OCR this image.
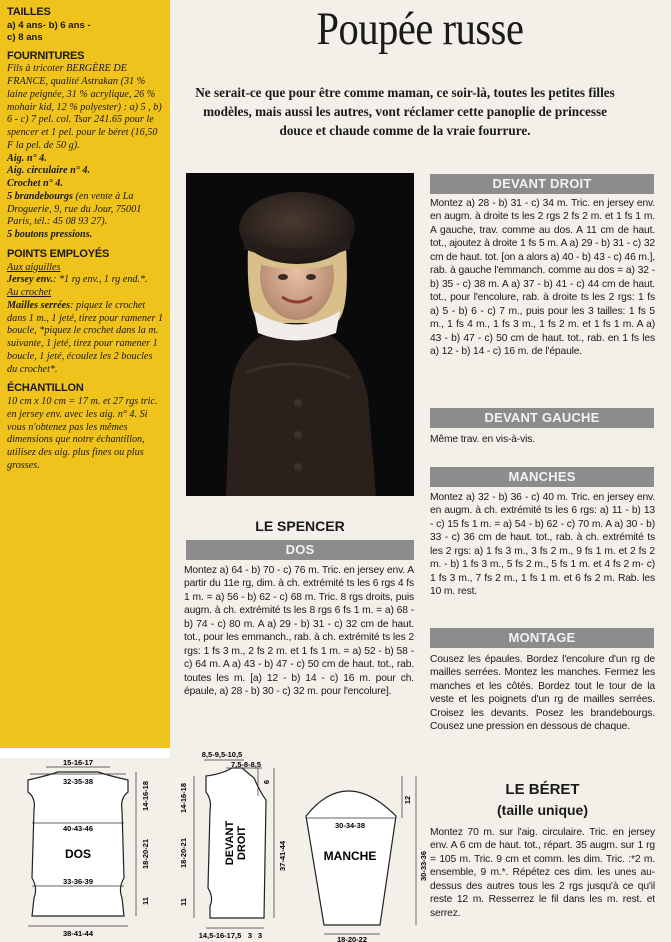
TAILLES

a) 4 ans- b) 6 ans -

c) 8 ans

FOURNITURES

Fils à tricoter BERGÈRE DE FRANCE, qualité Astrakan (31 % laine peignée, 31 % acrylique, 26 % mohair kid, 12 % polyester) : a) 5 , b) 6 - c) 7 pel. col. Tsar 241.65 pour le spencer et 1 pel. pour le béret (16,50 F la pel. de 50 g).

Aig. n° 4.

Aig. circulaire n° 4.

Crochet n° 4.

5 brandebourgs (en vente à La Droguerie, 9, rue du Jour, 75001 Paris, tél.: 45 08 93 27).

5 boutons pressions.

POINTS EMPLOYÉS

Aux aiguilles

Jersey env.: *1 rg env., 1 rg end.*.

Au crochet

Mailles serrées: piquez le crochet dans 1 m., 1 jeté, tirez pour ramener 1 boucle, *piquez le crochet dans la m. suivante, 1 jeté, tirez pour ramener 1 boucle, 1 jeté, écoulez les 2 boucles du crochet*.

ÉCHANTILLON

10 cm x 10 cm = 17 m. et 27 rgs tric. en jersey env. avec les aig. n° 4. Si vous n'obtenez pas les mêmes dimensions que notre échantillon, utilisez des aig. plus fines ou plus grosses.

Poupée russe
Ne serait-ce que pour être comme maman, ce soir-là, toutes les petites filles modèles, mais aussi les autres, vont réclamer cette panoplie de princesse douce et chaude comme de la vraie fourrure.
LE SPENCER
DOS
Montez a) 64 - b) 70 - c) 76 m. Tric. en jersey env. A partir du 11e rg, dim. à ch. extrémité ts les 6 rgs 4 fs 1 m. = a) 56 - b) 62 - c) 68 m. Tric. 8 rgs droits, puis augm. à ch. extrémité ts les 8 rgs 6 fs 1 m. = a) 68 - b) 74 - c) 80 m. A a) 29 - b) 31 - c) 32 cm de haut. tot., pour les emmanch., rab. à ch. extrémité ts les 2 rgs: 1 fs 3 m., 2 fs 2 m. et 1 fs 1 m. = a) 52 - b) 58 - c) 64 m. A a) 43 - b) 47 - c) 50 cm de haut. tot., rab. toutes les m. [a) 12 - b) 14 - c) 16 m. pour ch. épaule, a) 28 - b) 30 - c) 32 m. pour l'encolure].
DEVANT DROIT
Montez a) 28 - b) 31 - c) 34 m. Tric. en jersey env. en augm. à droite ts les 2 rgs 2 fs 2 m. et 1 fs 1 m. A gauche, trav. comme au dos. A 11 cm de haut. tot., ajoutez à droite 1 fs 5 m. A a) 29 - b) 31 - c) 32 cm de haut. tot. [on a alors a) 40 - b) 43 - c) 46 m.], rab. à gauche l'emmanch. comme au dos = a) 32 - b) 35 - c) 38 m. A a) 37 - b) 41 - c) 44 cm de haut. tot., pour l'encolure, rab. à droite ts les 2 rgs: 1 fs a) 5 - b) 6 - c) 7 m., puis pour les 3 tailles: 1 fs 5 m., 1 fs 4 m., 1 fs 3 m., 1 fs 2 m. et 1 fs 1 m. A a) 43 - b) 47 - c) 50 cm de haut. tot., rab. en 1 fs les a) 12 - b) 14 - c) 16 m. de l'épaule.
DEVANT GAUCHE
Même trav. en vis-à-vis.
MANCHES
Montez a) 32 - b) 36 - c) 40 m. Tric. en jersey env. en augm. à ch. extrémité ts les 6 rgs: a) 11 - b) 13 - c) 15 fs 1 m. = a) 54 - b) 62 - c) 70 m. A a) 30 - b) 33 - c) 36 cm de haut. tot., rab. à ch. extrémité ts les 2 rgs: a) 1 fs 3 m., 3 fs 2 m., 9 fs 1 m. et 2 fs 2 m. - b) 1 fs 3 m., 5 fs 2 m., 5 fs 1 m. et 4 fs 2 m- c) 1 fs 3 m., 7 fs 2 m., 1 fs 1 m. et 6 fs 2 m. Rab. les 10 m. rest.
MONTAGE
Cousez les épaules. Bordez l'encolure d'un rg de mailles serrées. Montez les manches. Fermez les manches et les côtés. Bordez tout le tour de la veste et les poignets d'un rg de mailles serrées. Croisez les devants. Posez les brandebourgs. Cousez une pression en dessous de chaque.
LE BÉRET
(taille unique)
Montez 70 m. sur l'aig. circulaire. Tric. en jersey env. A 6 cm de haut. tot., répart. 35 augm. sur 1 rg = 105 m. Tric. 9 cm et comm. les dim. Tric. :*2 m. ensemble, 9 m.*. Répétez ces dim. les unes au-dessus des autres tous les 2 rgs jusqu'à ce qu'il reste 12 m. Resserrez le fil dans les m. rest. et serrez.
15-16-17
32-35-38
40-43-46
DOS
33-36-39
38-41-44
14-16-18
18-20-21
11
8,5-9,5-10,5
7,5-8-8,5
6
37-41-44
14-16-18
18-20-21
11
DEVANT DROIT
14,5-16-17,5 3 3
30-34-38
MANCHE
18-20-22
12
30-33-36
